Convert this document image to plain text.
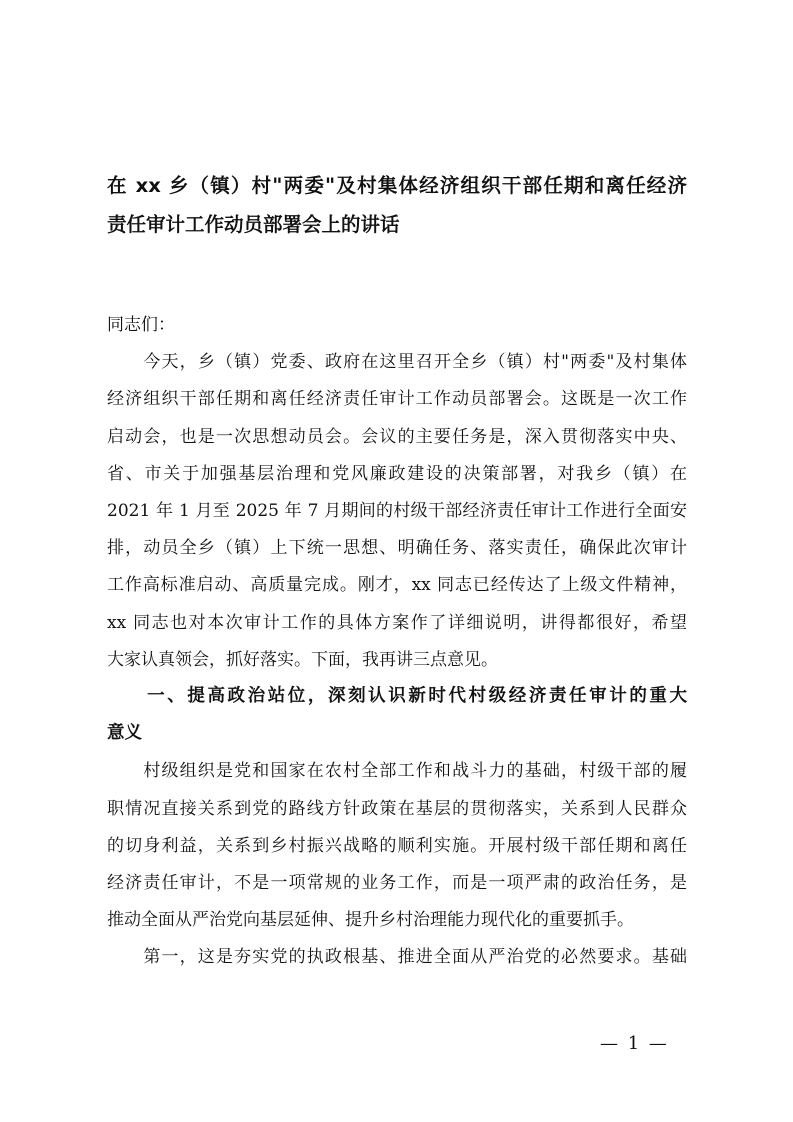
在 xx 乡（镇）村"两委"及村集体经济组织干部任期和离任经济
责任审计工作动员部署会上的讲话
同志们：
　　今天，乡（镇）党委、政府在这里召开全乡（镇）村"两委"及村集体
经济组织干部任期和离任经济责任审计工作动员部署会。这既是一次工作
启动会，也是一次思想动员会。会议的主要任务是，深入贯彻落实中央、
省、市关于加强基层治理和党风廉政建设的决策部署，对我乡（镇）在
2021 年 1 月至 2025 年 7 月期间的村级干部经济责任审计工作进行全面安
排，动员全乡（镇）上下统一思想、明确任务、落实责任，确保此次审计
工作高标准启动、高质量完成。刚才，xx 同志已经传达了上级文件精神，
xx 同志也对本次审计工作的具体方案作了详细说明，讲得都很好，希望
大家认真领会，抓好落实。下面，我再讲三点意见。
　　一、提高政治站位，深刻认识新时代村级经济责任审计的重大
意义
　　村级组织是党和国家在农村全部工作和战斗力的基础，村级干部的履
职情况直接关系到党的路线方针政策在基层的贯彻落实，关系到人民群众
的切身利益，关系到乡村振兴战略的顺利实施。开展村级干部任期和离任
经济责任审计，不是一项常规的业务工作，而是一项严肃的政治任务，是
推动全面从严治党向基层延伸、提升乡村治理能力现代化的重要抓手。
　　第一，这是夯实党的执政根基、推进全面从严治党的必然要求。基础
— 1 —
